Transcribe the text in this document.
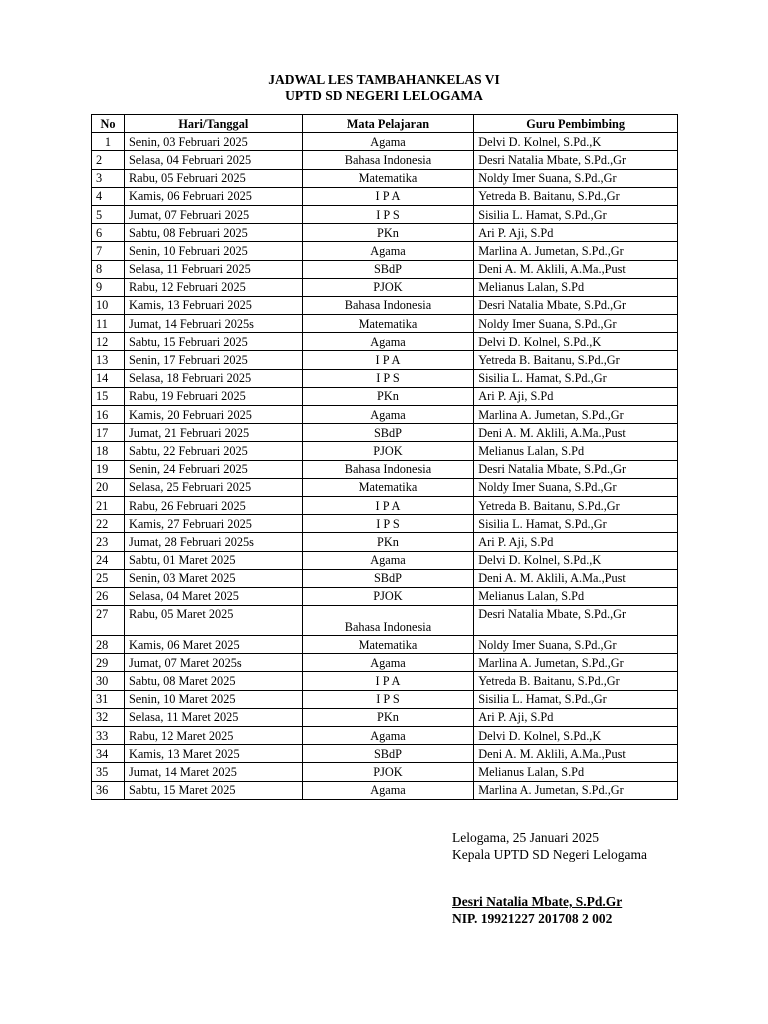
JADWAL LES TAMBAHANKELAS VI
UPTD SD NEGERI LELOGAMA
No	Hari/Tanggal	Mata Pelajaran	Guru Pembimbing
1	Senin, 03 Februari 2025	Agama	Delvi D. Kolnel, S.Pd.,K
2	Selasa, 04 Februari 2025	Bahasa Indonesia	Desri Natalia Mbate, S.Pd.,Gr
3	Rabu, 05 Februari 2025	Matematika	Noldy Imer Suana, S.Pd.,Gr
4	Kamis, 06 Februari 2025	I P A	Yetreda B. Baitanu, S.Pd.,Gr
5	Jumat, 07 Februari 2025	I P S	Sisilia L. Hamat, S.Pd.,Gr
6	Sabtu, 08 Februari 2025	PKn	Ari P. Aji, S.Pd
7	Senin, 10 Februari 2025	Agama	Marlina A. Jumetan, S.Pd.,Gr
8	Selasa, 11 Februari 2025	SBdP	Deni A. M. Aklili, A.Ma.,Pust
9	Rabu, 12 Februari 2025	PJOK	Melianus Lalan, S.Pd
10	Kamis, 13 Februari 2025	Bahasa Indonesia	Desri Natalia Mbate, S.Pd.,Gr
11	Jumat, 14 Februari 2025s	Matematika	Noldy Imer Suana, S.Pd.,Gr
12	Sabtu, 15 Februari 2025	Agama	Delvi D. Kolnel, S.Pd.,K
13	Senin, 17 Februari 2025	I P A	Yetreda B. Baitanu, S.Pd.,Gr
14	Selasa, 18 Februari 2025	I P S	Sisilia L. Hamat, S.Pd.,Gr
15	Rabu, 19 Februari 2025	PKn	Ari P. Aji, S.Pd
16	Kamis, 20 Februari 2025	Agama	Marlina A. Jumetan, S.Pd.,Gr
17	Jumat, 21 Februari 2025	SBdP	Deni A. M. Aklili, A.Ma.,Pust
18	Sabtu, 22 Februari 2025	PJOK	Melianus Lalan, S.Pd
19	Senin, 24 Februari 2025	Bahasa Indonesia	Desri Natalia Mbate, S.Pd.,Gr
20	Selasa, 25 Februari 2025	Matematika	Noldy Imer Suana, S.Pd.,Gr
21	Rabu, 26 Februari 2025	I P A	Yetreda B. Baitanu, S.Pd.,Gr
22	Kamis, 27 Februari 2025	I P S	Sisilia L. Hamat, S.Pd.,Gr
23	Jumat, 28 Februari 2025s	PKn	Ari P. Aji, S.Pd
24	Sabtu, 01 Maret 2025	Agama	Delvi D. Kolnel, S.Pd.,K
25	Senin, 03 Maret 2025	SBdP	Deni A. M. Aklili, A.Ma.,Pust
26	Selasa, 04 Maret 2025	PJOK	Melianus Lalan, S.Pd
27	Rabu, 05 Maret 2025	Bahasa Indonesia	Desri Natalia Mbate, S.Pd.,Gr
28	Kamis, 06 Maret 2025	Matematika	Noldy Imer Suana, S.Pd.,Gr
29	Jumat, 07 Maret 2025s	Agama	Marlina A. Jumetan, S.Pd.,Gr
30	Sabtu, 08 Maret 2025	I P A	Yetreda B. Baitanu, S.Pd.,Gr
31	Senin, 10 Maret 2025	I P S	Sisilia L. Hamat, S.Pd.,Gr
32	Selasa, 11 Maret 2025	PKn	Ari P. Aji, S.Pd
33	Rabu, 12 Maret 2025	Agama	Delvi D. Kolnel, S.Pd.,K
34	Kamis, 13 Maret 2025	SBdP	Deni A. M. Aklili, A.Ma.,Pust
35	Jumat, 14 Maret 2025	PJOK	Melianus Lalan, S.Pd
36	Sabtu, 15 Maret 2025	Agama	Marlina A. Jumetan, S.Pd.,Gr
Lelogama, 25 Januari 2025
Kepala UPTD SD Negeri Lelogama
Desri Natalia Mbate, S.Pd.Gr
NIP. 19921227 201708 2 002
